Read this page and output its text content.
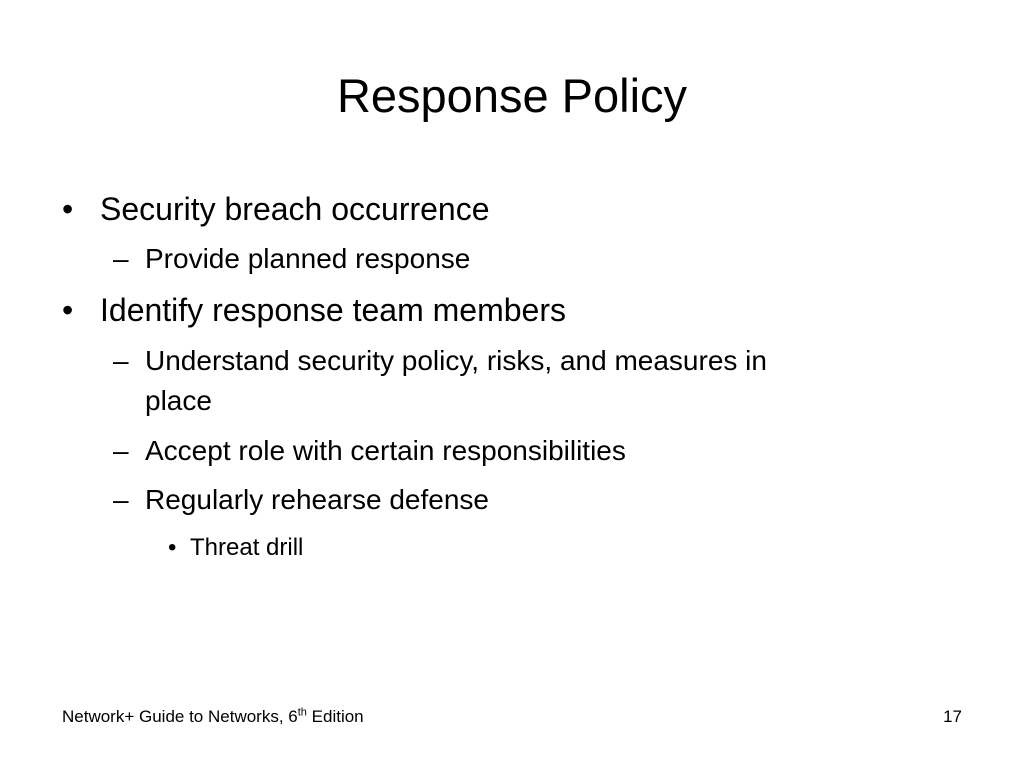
Response Policy
• Security breach occurrence
– Provide planned response
• Identify response team members
– Understand security policy, risks, and measures in
place
– Accept role with certain responsibilities
– Regularly rehearse defense
• Threat drill
Network+ Guide to Networks, 6th Edition	17
